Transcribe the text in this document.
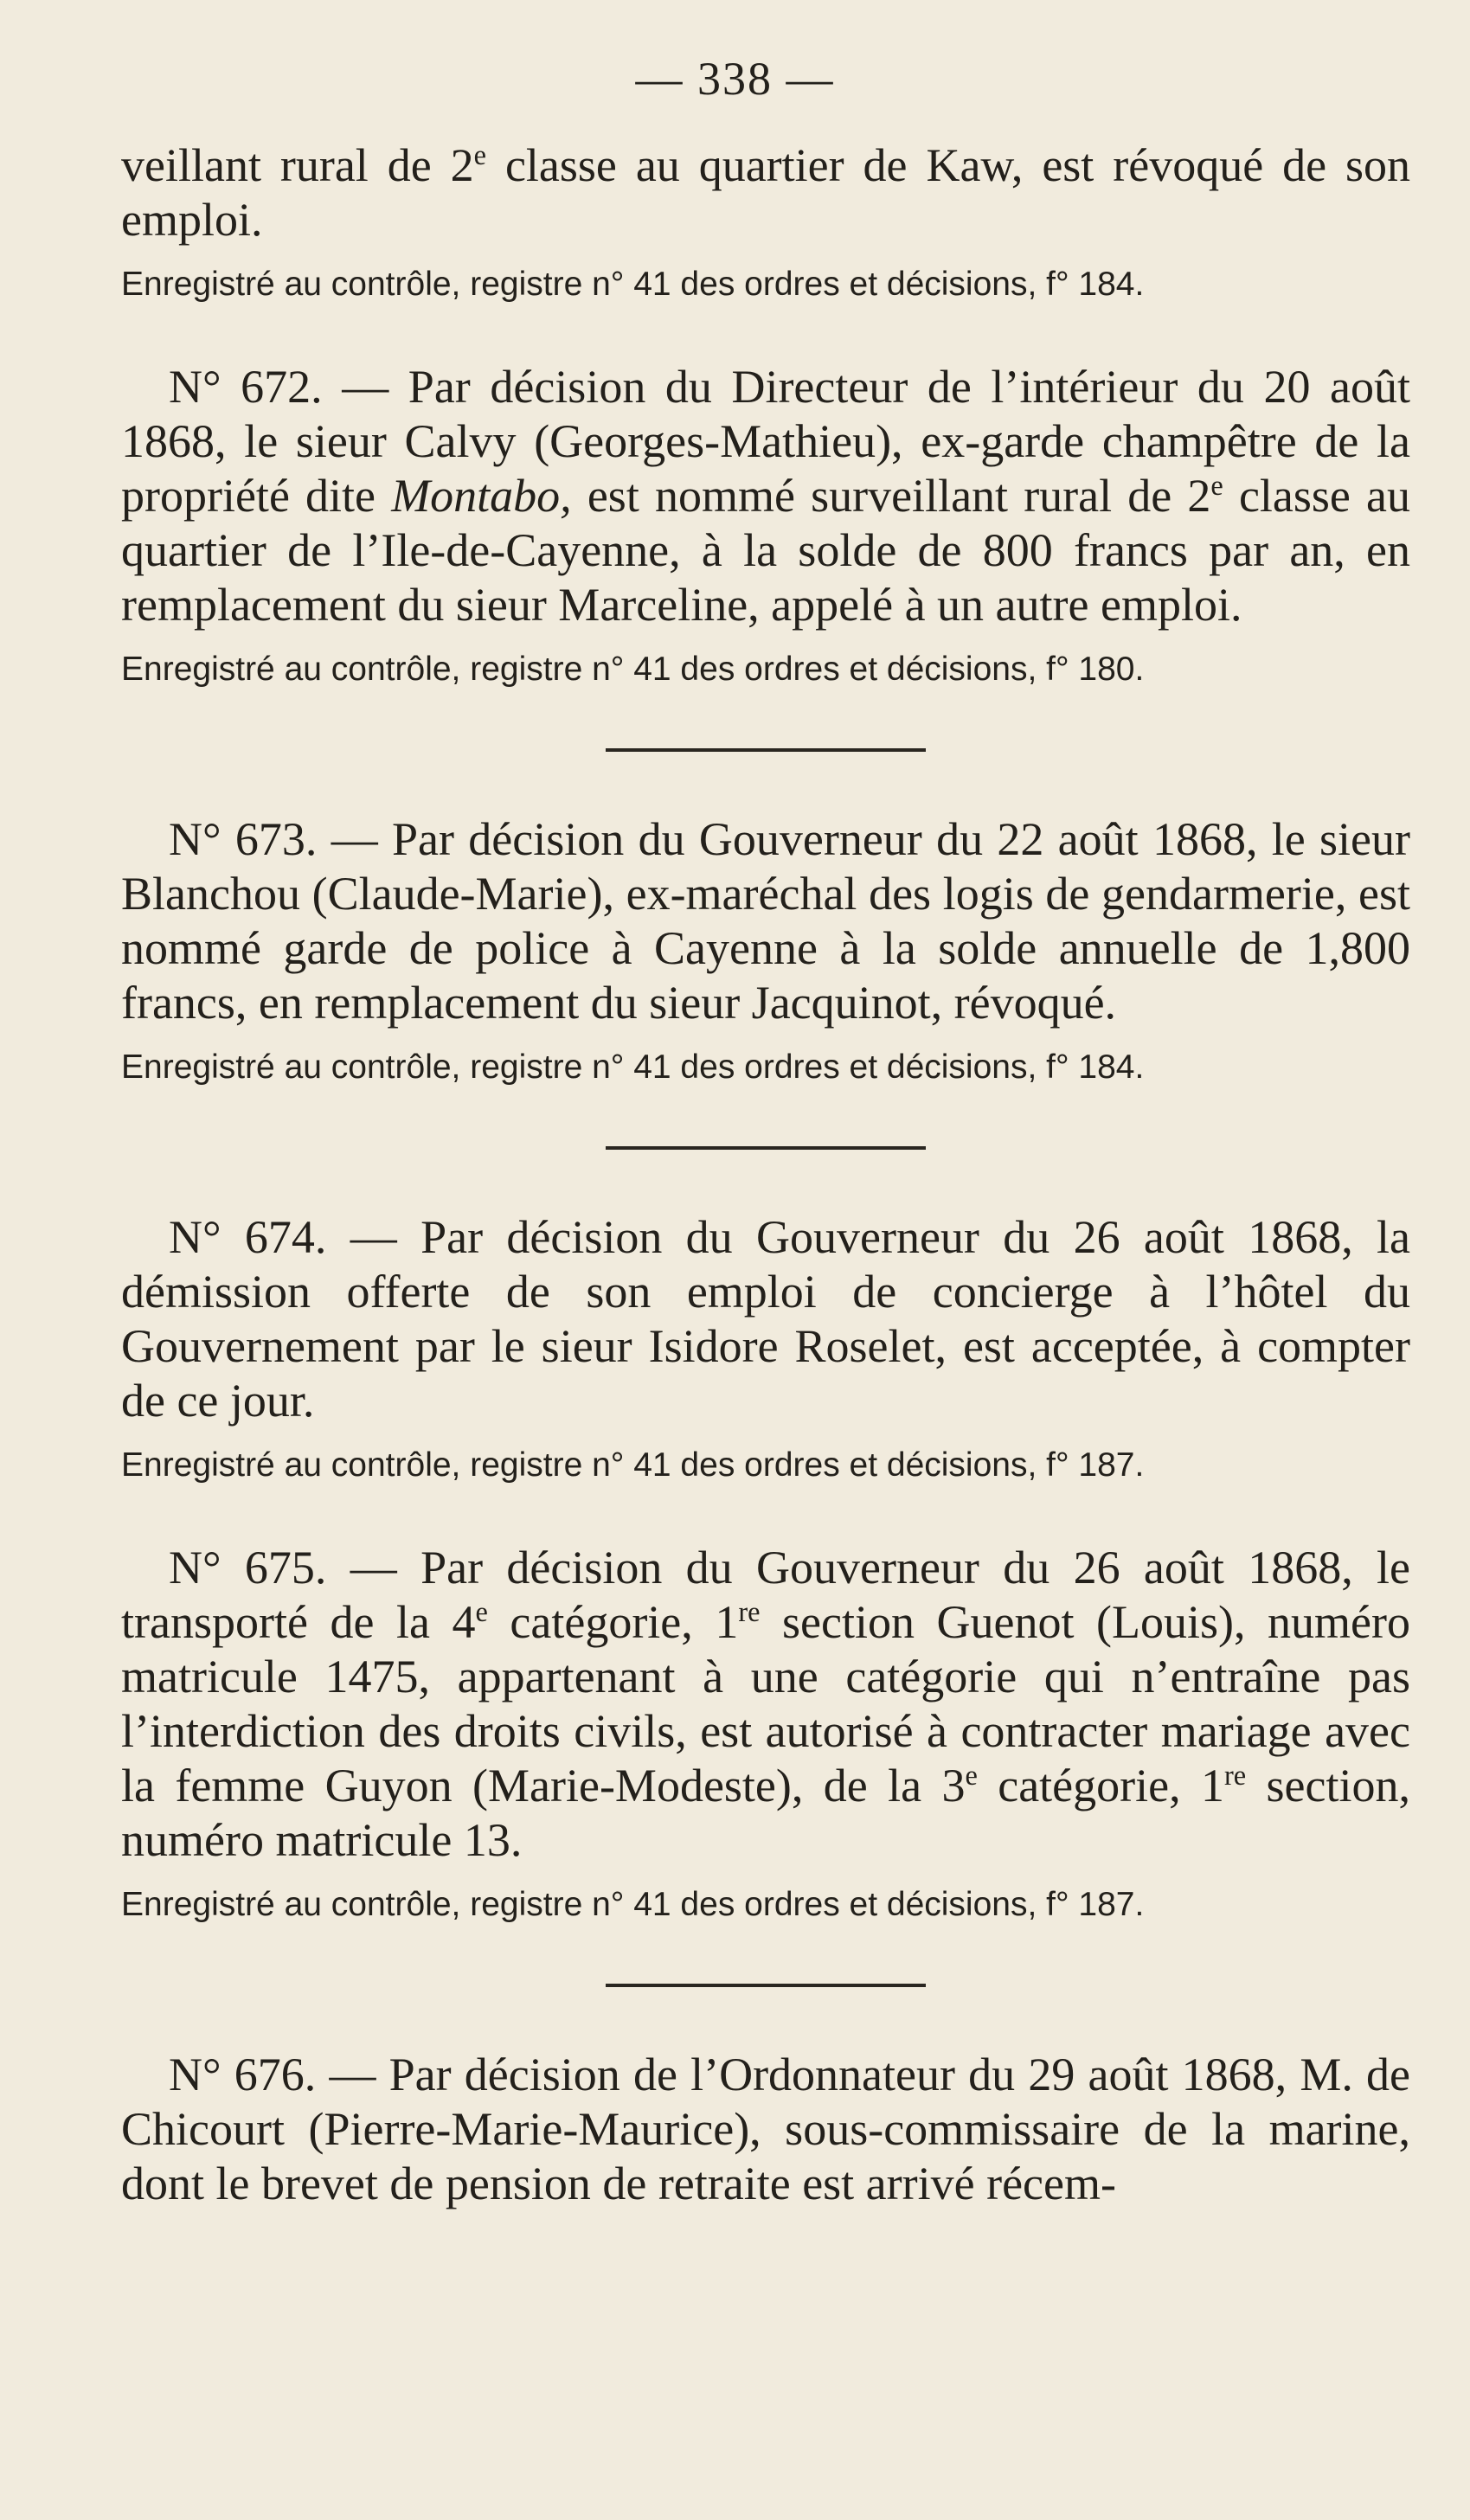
— 338 —

veillant rural de 2e classe au quartier de Kaw, est révoqué de son emploi.

Enregistré au contrôle, registre n° 41 des ordres et décisions, f° 184.

N° 672. — Par décision du Directeur de l’intérieur du 20 août 1868, le sieur Calvy (Georges-Mathieu), ex-garde champêtre de la propriété dite Montabo, est nommé surveillant rural de 2e classe au quartier de l’Ile-de-Cayenne, à la solde de 800 francs par an, en remplacement du sieur Marceline, appelé à un autre emploi.

Enregistré au contrôle, registre n° 41 des ordres et décisions, f° 180.

N° 673. — Par décision du Gouverneur du 22 août 1868, le sieur Blanchou (Claude-Marie), ex-maréchal des logis de gendarmerie, est nommé garde de police à Cayenne à la solde annuelle de 1,800 francs, en remplacement du sieur Jacquinot, révoqué.

Enregistré au contrôle, registre n° 41 des ordres et décisions, f° 184.

N° 674. — Par décision du Gouverneur du 26 août 1868, la démission offerte de son emploi de concierge à l’hôtel du Gouvernement par le sieur Isidore Roselet, est acceptée, à compter de ce jour.

Enregistré au contrôle, registre n° 41 des ordres et décisions, f° 187.

N° 675. — Par décision du Gouverneur du 26 août 1868, le transporté de la 4e catégorie, 1re section Guenot (Louis), numéro matricule 1475, appartenant à une catégorie qui n’entraîne pas l’interdiction des droits civils, est autorisé à contracter mariage avec la femme Guyon (Marie-Modeste), de la 3e catégorie, 1re section, numéro matricule 13.

Enregistré au contrôle, registre n° 41 des ordres et décisions, f° 187.

N° 676. — Par décision de l’Ordonnateur du 29 août 1868, M. de Chicourt (Pierre-Marie-Maurice), sous-commissaire de la marine, dont le brevet de pension de retraite est arrivé récem-
